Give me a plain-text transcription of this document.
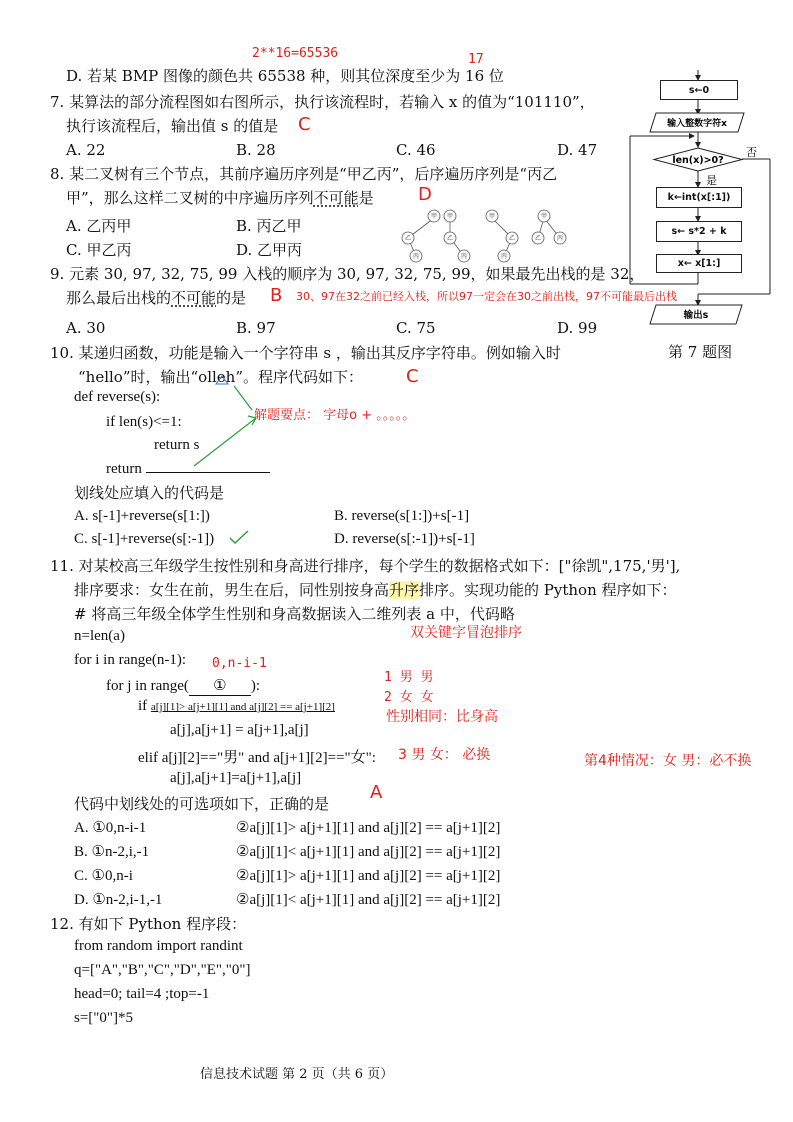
2**16=65536	17
D. 若某 BMP 图像的颜色共 65538 种，则其位深度至少为 16 位
7. 某算法的部分流程图如右图所示，执行该流程时，若输入 x 的值为“101110”，
执行该流程后，输出值 s 的值是 C
A. 22	B. 28	C. 46	D. 47
8. 某二叉树有三个节点，其前序遍历序列是“甲乙丙”，后序遍历序列是“丙乙
甲”，那么这样二叉树的中序遍历序列不可能是 D
A. 乙丙甲	B. 丙乙甲
C. 甲乙丙	D. 乙甲丙
甲
乙
丙
甲
乙
丙
甲
乙
丙
甲
乙	丙
9. 元素 30, 97, 32, 75, 99 入栈的顺序为 30, 97, 32, 75, 99，如果最先出栈的是 32，
那么最后出栈的不可能的是 B 30、97在32之前已经入栈，所以97一定会在30之前出栈，97不可能最后出栈
A. 30	B. 97	C. 75	D. 99
len(x)>0?
否
是
输入整数字符x
输出s
s←0
k←int(x[:1])
s← s*2 + k
x← x[1:]
第 7 题图
10. 某递归函数，功能是输入一个字符串 s ，输出其反序字符串。例如输入时
“hello”时，输出“olleh”。程序代码如下： C
def reverse(s):
if len(s)<=1:
return s
return
解题要点： 字母o + 。。。。。
划线处应填入的代码是
A. s[-1]+reverse(s[1:])	B. reverse(s[1:])+s[-1]
C. s[-1]+reverse(s[:-1])	D. reverse(s[:-1])+s[-1]
11. 对某校高三年级学生按性别和身高进行排序，每个学生的数据格式如下：["徐凯",175,'男'],
排序要求：女生在前，男生在后，同性别按身高升序排序。实现功能的 Python 程序如下：
# 将高三年级全体学生性别和身高数据读入二维列表 a 中，代码略
双关键字冒泡排序
n=len(a)
for i in range(n-1): 0,n-i-1
for j in range( ① ):
1 男 男
2 女 女
if a[j][1]> a[j+1][1] and a[j][2] == a[j+1][2]
性别相同：比身高
a[j],a[j+1] = a[j+1],a[j]
elif a[j][2]=="男" and a[j+1][2]=="女": 3 男 女： 必换	第4种情况：女 男：必不换
a[j],a[j+1]=a[j+1],a[j]
A
代码中划线处的可选项如下，正确的是
A. ①0,n-i-1	②a[j][1]> a[j+1][1] and a[j][2] == a[j+1][2]
B. ①n-2,i,-1	②a[j][1]< a[j+1][1] and a[j][2] == a[j+1][2]
C. ①0,n-i	②a[j][1]> a[j+1][1] and a[j][2] == a[j+1][2]
D. ①n-2,i-1,-1	②a[j][1]< a[j+1][1] and a[j][2] == a[j+1][2]
12. 有如下 Python 程序段：
from random import randint
q=["A","B","C","D","E","0"]
head=0; tail=4 ;top=-1
s=["0"]*5
信息技术试题 第 2 页（共 6 页）
